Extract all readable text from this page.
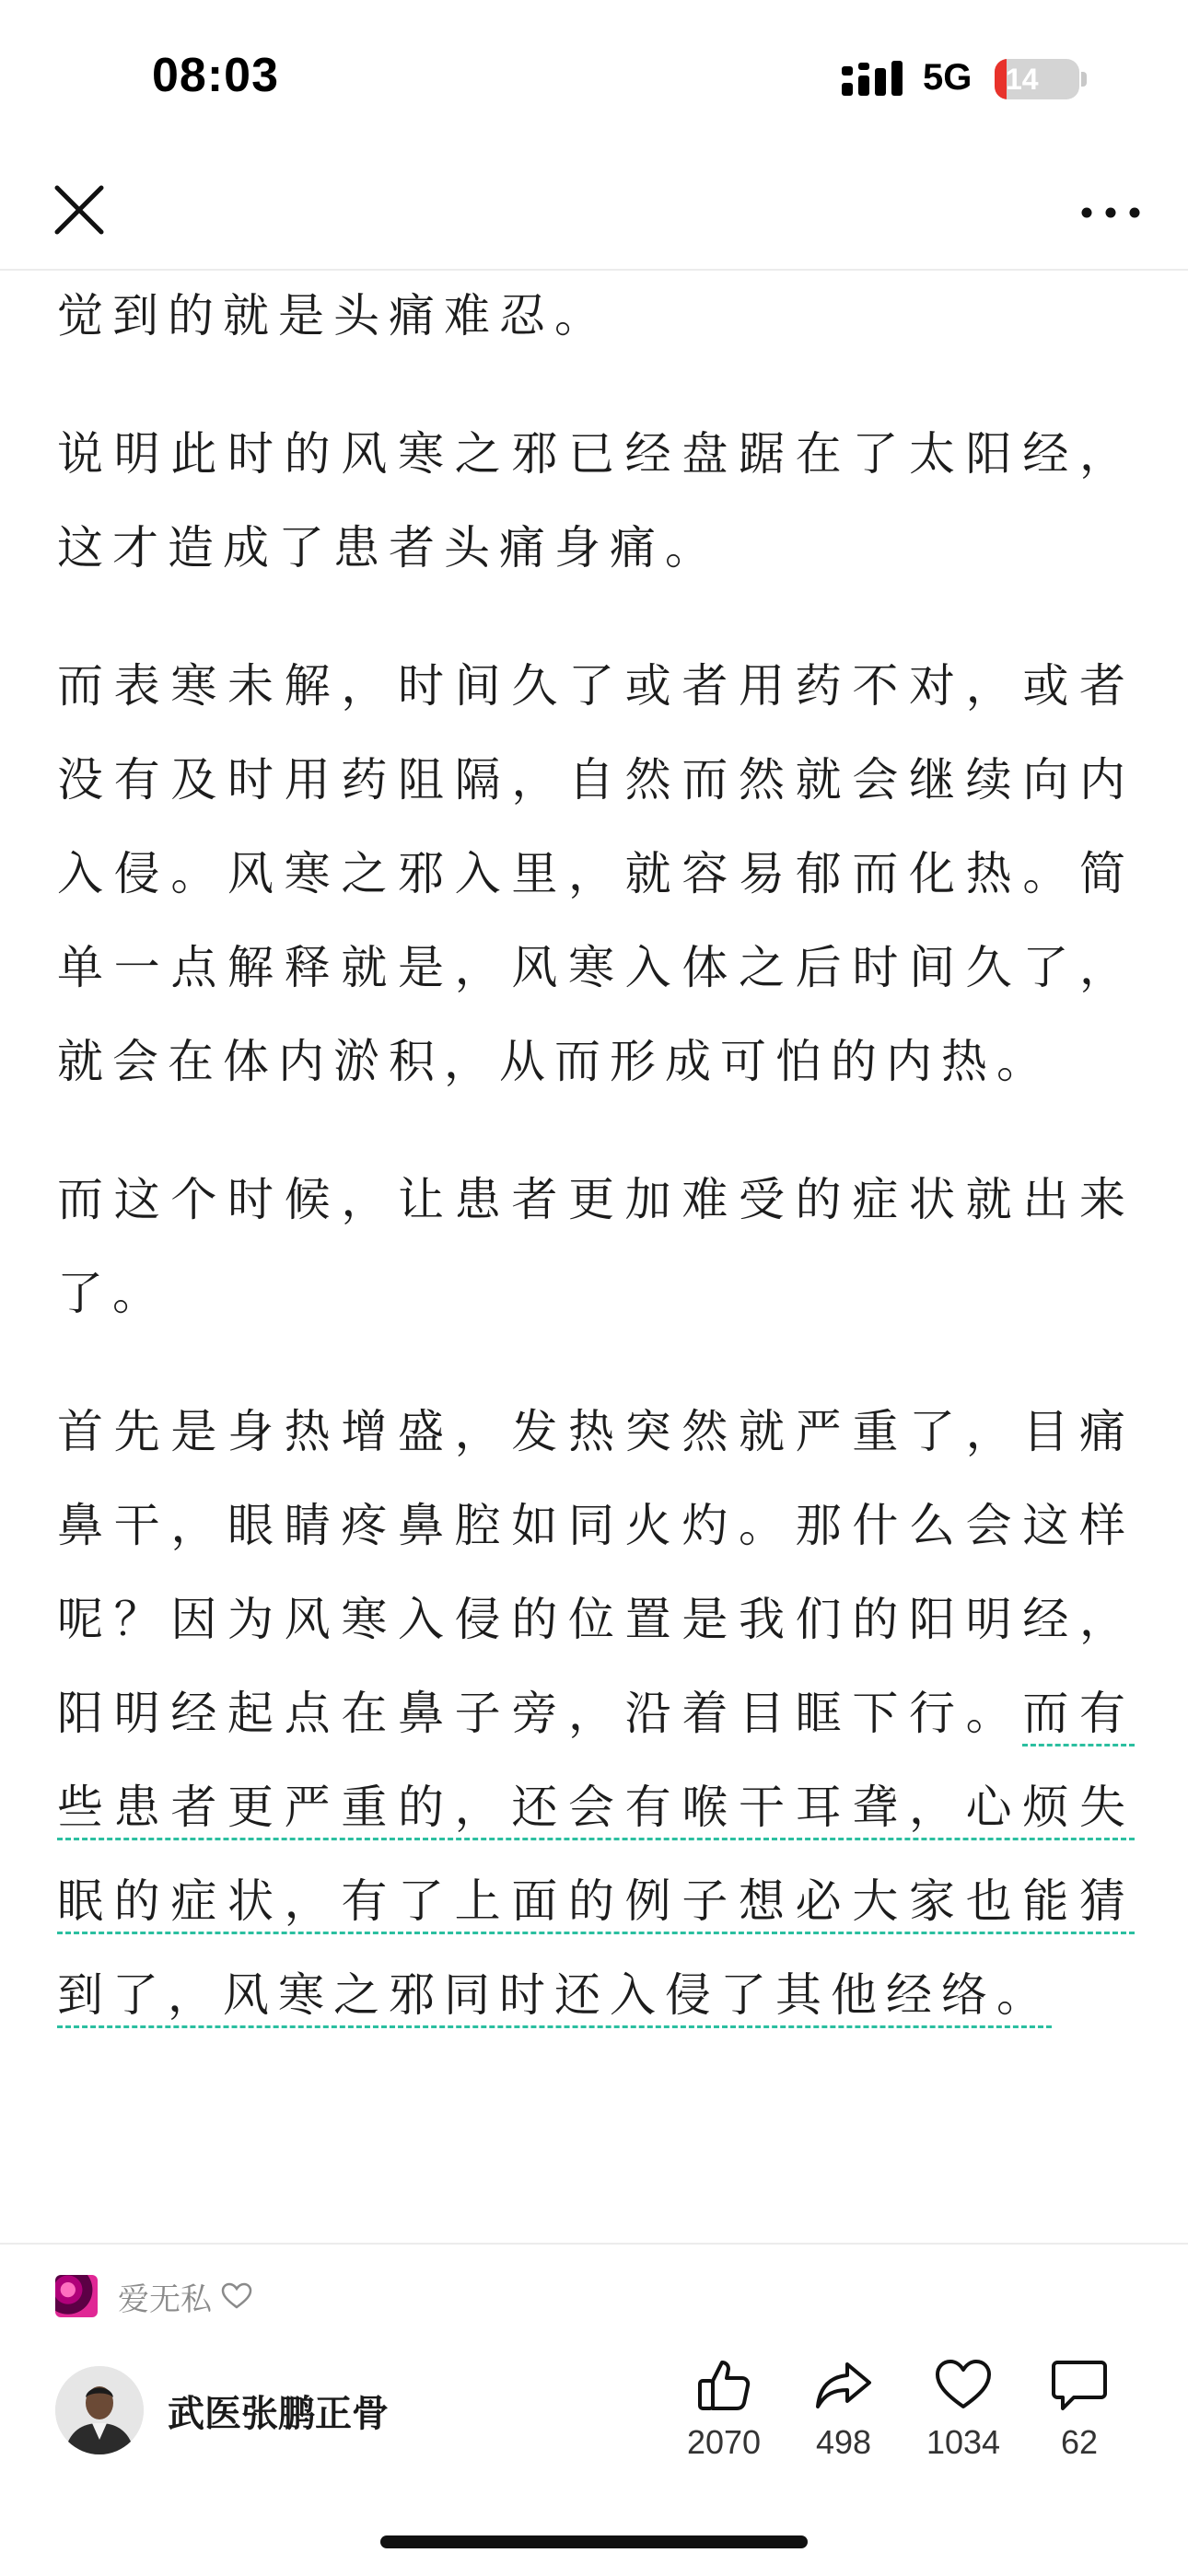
08:03	5G 14

觉到的就是头痛难忍。

说明此时的风寒之邪已经盘踞在了太阳经，这才造成了患者头痛身痛。

而表寒未解，时间久了或者用药不对，或者没有及时用药阻隔，自然而然就会继续向内入侵。风寒之邪入里，就容易郁而化热。简单一点解释就是，风寒入体之后时间久了，就会在体内淤积，从而形成可怕的内热。

而这个时候，让患者更加难受的症状就出来了。

首先是身热增盛，发热突然就严重了，目痛鼻干，眼睛疼鼻腔如同火灼。那什么会这样呢？因为风寒入侵的位置是我们的阳明经，阳明经起点在鼻子旁，沿着目眶下行。而有些患者更严重的，还会有喉干耳聋，心烦失眠的症状，有了上面的例子想必大家也能猜到了，风寒之邪同时还入侵了其他经络。

爱无私
武医张鹏正骨
2070	498	1034	62
